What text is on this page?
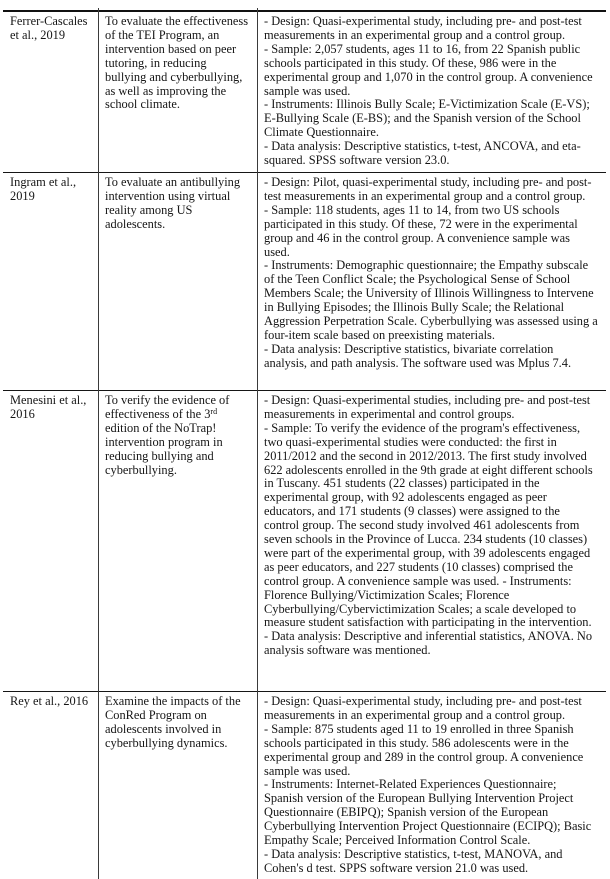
Ferrer-Cascales et al., 2019	To evaluate the effectiveness of the TEI Program, an intervention based on peer tutoring, in reducing bullying and cyberbullying, as well as improving the school climate.	- Design: Quasi-experimental study, including pre- and post-test measurements in an experimental group and a control group.

- Sample: 2,057 students, ages 11 to 16, from 22 Spanish public schools participated in this study. Of these, 986 were in the experimental group and 1,070 in the control group. A convenience sample was used.

- Instruments: Illinois Bully Scale; E-Victimization Scale (E-VS); E-Bullying Scale (E-BS); and the Spanish version of the School Climate Questionnaire.

- Data analysis: Descriptive statistics, t-test, ANCOVA, and eta-squared. SPSS software version 23.0.

Ingram et al., 2019	To evaluate an antibullying intervention using virtual reality among US adolescents.	- Design: Pilot, quasi-experimental study, including pre- and post-test measurements in an experimental group and a control group.

- Sample: 118 students, ages 11 to 14, from two US schools participated in this study. Of these, 72 were in the experimental group and 46 in the control group. A convenience sample was used.

- Instruments: Demographic questionnaire; the Empathy subscale of the Teen Conflict Scale; the Psychological Sense of School Members Scale; the University of Illinois Willingness to Intervene in Bullying Episodes; the Illinois Bully Scale; the Relational Aggression Perpetration Scale. Cyberbullying was assessed using a four-item scale based on preexisting materials.

- Data analysis: Descriptive statistics, bivariate correlation analysis, and path analysis. The software used was Mplus 7.4.

Menesini et al., 2016	To verify the evidence of effectiveness of the 3rd edition of the NoTrap! intervention program in reducing bullying and cyberbullying.	- Design: Quasi-experimental studies, including pre- and post-test measurements in experimental and control groups.

- Sample: To verify the evidence of the program's effectiveness, two quasi-experimental studies were conducted: the first in 2011/2012 and the second in 2012/2013. The first study involved 622 adolescents enrolled in the 9th grade at eight different schools in Tuscany. 451 students (22 classes) participated in the experimental group, with 92 adolescents engaged as peer educators, and 171 students (9 classes) were assigned to the control group. The second study involved 461 adolescents from seven schools in the Province of Lucca. 234 students (10 classes) were part of the experimental group, with 39 adolescents engaged as peer educators, and 227 students (10 classes) comprised the control group. A convenience sample was used. - Instruments: Florence Bullying/Victimization Scales; Florence Cyberbullying/Cybervictimization Scales; a scale developed to measure student satisfaction with participating in the intervention.

- Data analysis: Descriptive and inferential statistics, ANOVA. No analysis software was mentioned.

Rey et al., 2016	Examine the impacts of the ConRed Program on adolescents involved in cyberbullying dynamics.	- Design: Quasi-experimental study, including pre- and post-test measurements in an experimental group and a control group.

- Sample: 875 students aged 11 to 19 enrolled in three Spanish schools participated in this study. 586 adolescents were in the experimental group and 289 in the control group. A convenience sample was used.

- Instruments: Internet-Related Experiences Questionnaire; Spanish version of the European Bullying Intervention Project Questionnaire (EBIPQ); Spanish version of the European Cyberbullying Intervention Project Questionnaire (ECIPQ); Basic Empathy Scale; Perceived Information Control Scale.

- Data analysis: Descriptive statistics, t-test, MANOVA, and Cohen's d test. SPPS software version 21.0 was used.
